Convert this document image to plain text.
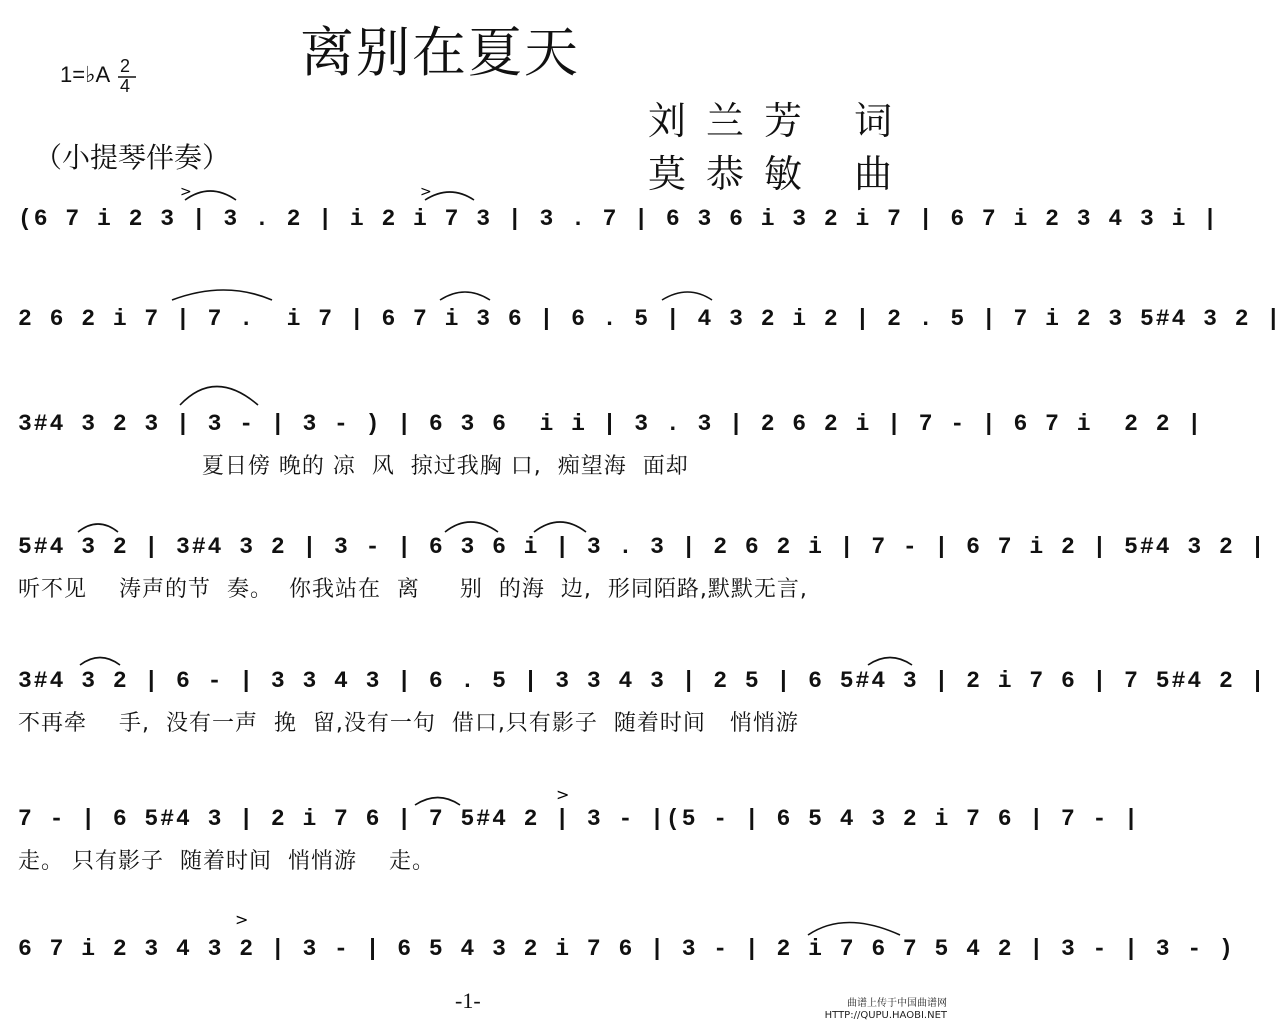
离别在夏天
1=♭A 2
4
（小提琴伴奏）
刘兰芳 词
莫恭敏 曲
(6 7 i 2 3 | 3 . 2 | i 2 i 7 3 | 3 . 7 | 6 3 6 i 3 2 i 7 | 6 7 i 2 3 4 3 i |
2 6 2 i 7 | 7 .  i 7 | 6 7 i 3 6 | 6 . 5 | 4 3 2 i 2 | 2 . 5 | 7 i 2 3 5#4 3 2 |
3#4 3 2 3 | 3 - | 3 - ) | 6 3 6  i i | 3 . 3 | 2 6 2 i | 7 - | 6 7 i  2 2 |
夏日傍 晚的 凉  风  掠过我胸 口,  痴望海  面却
5#4 3 2 | 3#4 3 2 | 3 - | 6 3 6 i | 3 . 3 | 2 6 2 i | 7 - | 6 7 i 2 | 5#4 3 2 |
听不见    涛声的节  奏。  你我站在  离     别  的海  边,  形同陌路,默默无言,
3#4 3 2 | 6 - | 3 3 4 3 | 6 . 5 | 3 3 4 3 | 2 5 | 6 5#4 3 | 2 i 7 6 | 7 5#4 2 |
不再牵    手,  没有一声  挽  留,没有一句  借口,只有影子  随着时间   悄悄游
7 - | 6 5#4 3 | 2 i 7 6 | 7 5#4 2 | 3 - |(5 - | 6 5 4 3 2 i 7 6 | 7 - |
走。 只有影子  随着时间  悄悄游    走。
6 7 i 2 3 4 3 2 | 3 - | 6 5 4 3 2 i 7 6 | 3 - | 2 i 7 6 7 5 4 2 | 3 - | 3 - )
-1-	曲谱上传于中国曲谱网
HTTP://QUPU.HAOBI.NET
>
>
>	>
